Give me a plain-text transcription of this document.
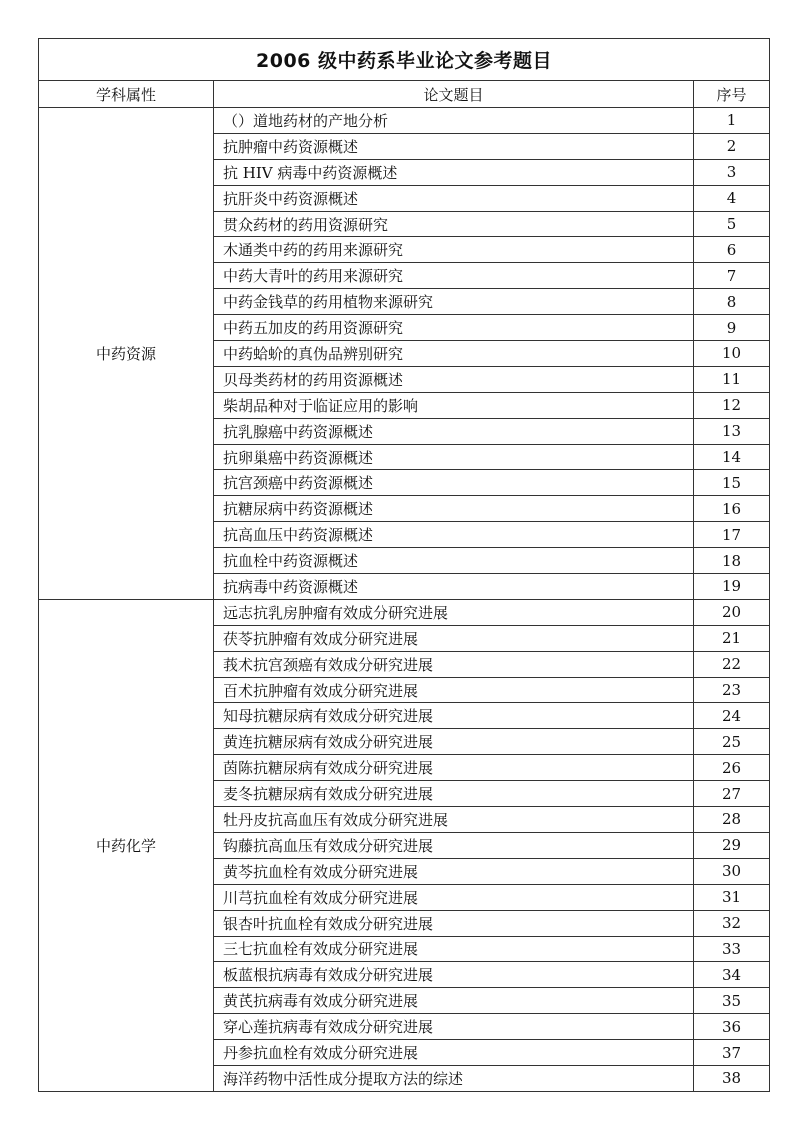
2006 级中药系毕业论文参考题目		
学科属性	论文题目	序号
中药资源	（）道地药材的产地分析	1
	抗肿瘤中药资源概述	2
	抗 HIV 病毒中药资源概述	3
	抗肝炎中药资源概述	4
	贯众药材的药用资源研究	5
	木通类中药的药用来源研究	6
	中药大青叶的药用来源研究	7
	中药金钱草的药用植物来源研究	8
	中药五加皮的药用资源研究	9
	中药蛤蚧的真伪品辨别研究	10
	贝母类药材的药用资源概述	11
	柴胡品种对于临证应用的影响	12
	抗乳腺癌中药资源概述	13
	抗卵巢癌中药资源概述	14
	抗宫颈癌中药资源概述	15
	抗糖尿病中药资源概述	16
	抗高血压中药资源概述	17
	抗血栓中药资源概述	18
	抗病毒中药资源概述	19
中药化学	远志抗乳房肿瘤有效成分研究进展	20
	茯苓抗肿瘤有效成分研究进展	21
	莪术抗宫颈癌有效成分研究进展	22
	百术抗肿瘤有效成分研究进展	23
	知母抗糖尿病有效成分研究进展	24
	黄连抗糖尿病有效成分研究进展	25
	茵陈抗糖尿病有效成分研究进展	26
	麦冬抗糖尿病有效成分研究进展	27
	牡丹皮抗高血压有效成分研究进展	28
	钩藤抗高血压有效成分研究进展	29
	黄芩抗血栓有效成分研究进展	30
	川芎抗血栓有效成分研究进展	31
	银杏叶抗血栓有效成分研究进展	32
	三七抗血栓有效成分研究进展	33
	板蓝根抗病毒有效成分研究进展	34
	黄芪抗病毒有效成分研究进展	35
	穿心莲抗病毒有效成分研究进展	36
	丹参抗血栓有效成分研究进展	37
	海洋药物中活性成分提取方法的综述	38
